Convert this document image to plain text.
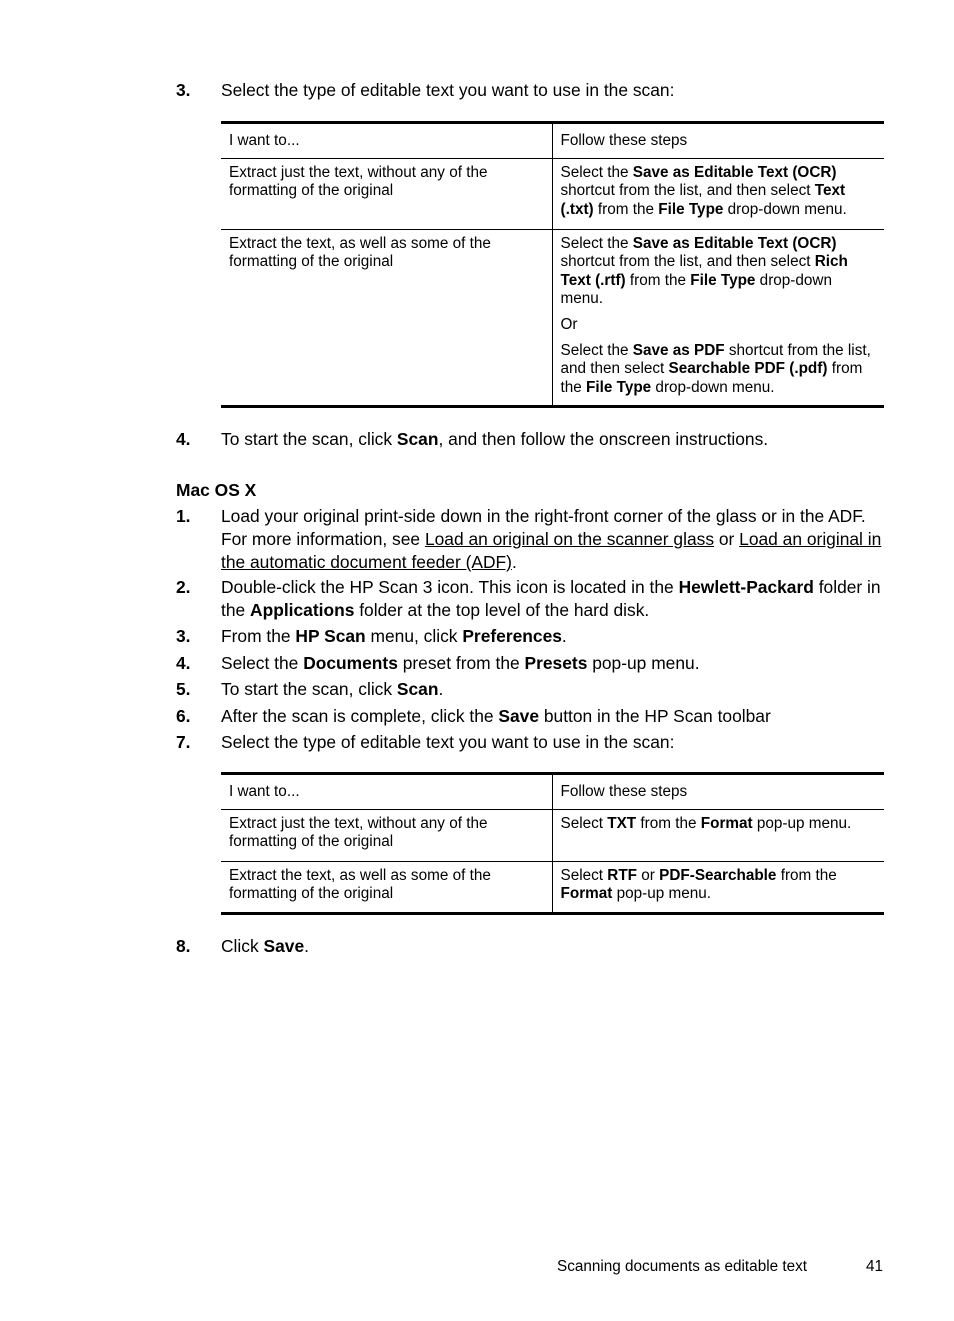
3. Select the type of editable text you want to use in the scan:
I want to...	Follow these steps
Extract just the text, without any of the formatting of the original	Select the Save as Editable Text (OCR) shortcut from the list, and then select Text (.txt) from the File Type drop-down menu.
Extract the text, as well as some of the formatting of the original	Select the Save as Editable Text (OCR) shortcut from the list, and then select Rich Text (.rtf) from the File Type drop-down menu.

Or

Select the Save as PDF shortcut from the list, and then select Searchable PDF (.pdf) from the File Type drop-down menu.

4. To start the scan, click Scan, and then follow the onscreen instructions.
Mac OS X
1. Load your original print-side down in the right-front corner of the glass or in the ADF. For more information, see Load an original on the scanner glass or Load an original in the automatic document feeder (ADF).
2. Double-click the HP Scan 3 icon. This icon is located in the Hewlett-Packard folder in the Applications folder at the top level of the hard disk.
3. From the HP Scan menu, click Preferences.
4. Select the Documents preset from the Presets pop-up menu.
5. To start the scan, click Scan.
6. After the scan is complete, click the Save button in the HP Scan toolbar
7. Select the type of editable text you want to use in the scan:
I want to...	Follow these steps
Extract just the text, without any of the formatting of the original	Select TXT from the Format pop-up menu.
Extract the text, as well as some of the formatting of the original	Select RTF or PDF-Searchable from the Format pop-up menu.
8. Click Save.
Scanning documents as editable text	41
